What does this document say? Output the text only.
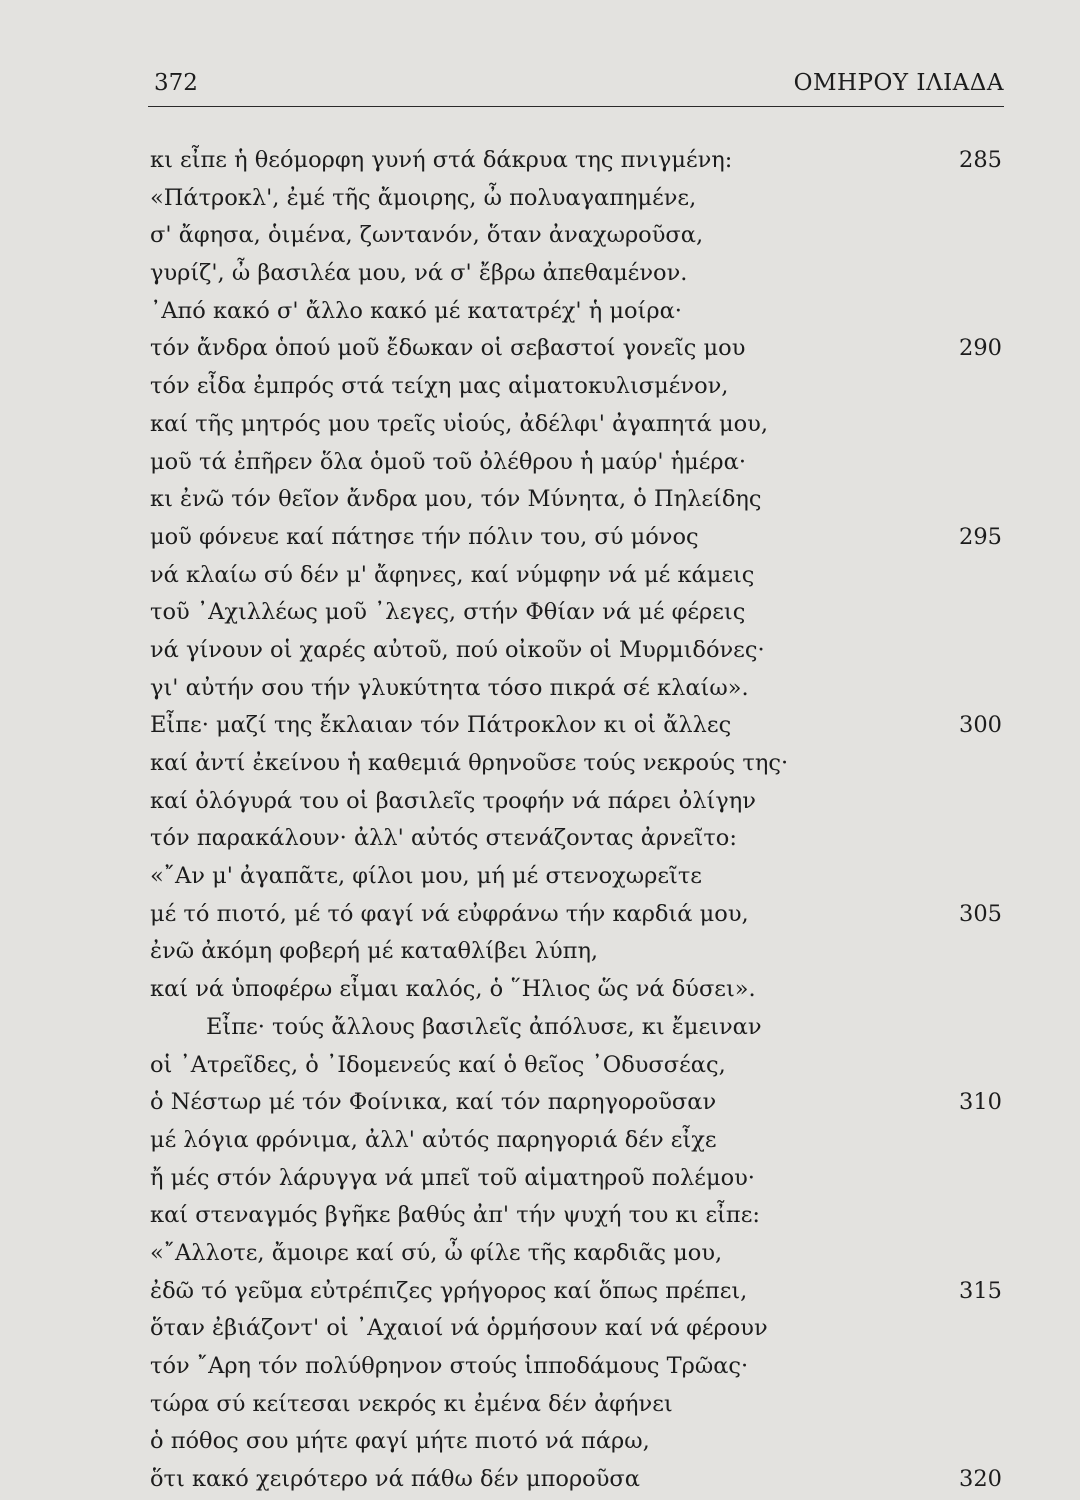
372	ΟΜΗΡΟΥ ΙΛΙΑΔΑ
κι εἶπε ἡ θεόμορφη γυνή στά δάκρυα της πνιγμένη:	285
«Πάτροκλ', ἐμέ τῆς ἄμοιρης, ὦ πολυαγαπημένε,
σ' ἄφησα, ὁιμένα, ζωντανόν, ὅταν ἀναχωροῦσα,
γυρίζ', ὦ βασιλέα μου, νά σ' ἔβρω ἀπεθαμένον.
᾿Από κακό σ' ἄλλο κακό μέ κατατρέχ' ἡ μοίρα·
τόν ἄνδρα ὁπού μοῦ ἔδωκαν οἱ σεβαστοί γονεῖς μου	290
τόν εἶδα ἐμπρός στά τείχη μας αἱματοκυλισμένον,
καί τῆς μητρός μου τρεῖς υἱούς, ἀδέλφι' ἀγαπητά μου,
μοῦ τά ἐπῆρεν ὅλα ὁμοῦ τοῦ ὀλέθρου ἡ μαύρ' ἡμέρα·
κι ἐνῶ τόν θεῖον ἄνδρα μου, τόν Μύνητα, ὁ Πηλείδης
μοῦ φόνευε καί πάτησε τήν πόλιν του, σύ μόνος	295
νά κλαίω σύ δέν μ' ἄφηνες, καί νύμφην νά μέ κάμεις
τοῦ ᾿Αχιλλέως μοῦ ᾿λεγες, στήν Φθίαν νά μέ φέρεις
νά γίνουν οἱ χαρές αὐτοῦ, πού οἰκοῦν οἱ Μυρμιδόνες·
γι' αὐτήν σου τήν γλυκύτητα τόσο πικρά σέ κλαίω».
Εἶπε· μαζί της ἔκλαιαν τόν Πάτροκλον κι οἱ ἄλλες	300
καί ἀντί ἐκείνου ἡ καθεμιά θρηνοῦσε τούς νεκρούς της·
καί ὁλόγυρά του οἱ βασιλεῖς τροφήν νά πάρει ὀλίγην
τόν παρακάλουν· ἀλλ' αὐτός στενάζοντας ἀρνεῖτο:
«῎Αν μ' ἀγαπᾶτε, φίλοι μου, μή μέ στενοχωρεῖτε
μέ τό πιοτό, μέ τό φαγί νά εὐφράνω τήν καρδιά μου,	305
ἐνῶ ἀκόμη φοβερή μέ καταθλίβει λύπη,
καί νά ὑποφέρω εἶμαι καλός, ὁ ῞Ηλιος ὥς νά δύσει».
Εἶπε· τούς ἄλλους βασιλεῖς ἀπόλυσε, κι ἔμειναν
οἱ ᾿Ατρεῖδες, ὁ ᾿Ιδομενεύς καί ὁ θεῖος ᾿Οδυσσέας,
ὁ Νέστωρ μέ τόν Φοίνικα, καί τόν παρηγοροῦσαν	310
μέ λόγια φρόνιμα, ἀλλ' αὐτός παρηγοριά δέν εἶχε
ἤ μές στόν λάρυγγα νά μπεῖ τοῦ αἱματηροῦ πολέμου·
καί στεναγμός βγῆκε βαθύς ἀπ' τήν ψυχή του κι εἶπε:
«῎Αλλοτε, ἄμοιρε καί σύ, ὦ φίλε τῆς καρδιᾶς μου,
ἐδῶ τό γεῦμα εὐτρέπιζες γρήγορος καί ὅπως πρέπει,	315
ὅταν ἐβιάζοντ' οἱ ᾿Αχαιοί νά ὁρμήσουν καί νά φέρουν
τόν ῎Αρη τόν πολύθρηνον στούς ἱπποδάμους Τρῶας·
τώρα σύ κείτεσαι νεκρός κι ἐμένα δέν ἀφήνει
ὁ πόθος σου μήτε φαγί μήτε πιοτό νά πάρω,
ὅτι κακό χειρότερο νά πάθω δέν μποροῦσα	320
